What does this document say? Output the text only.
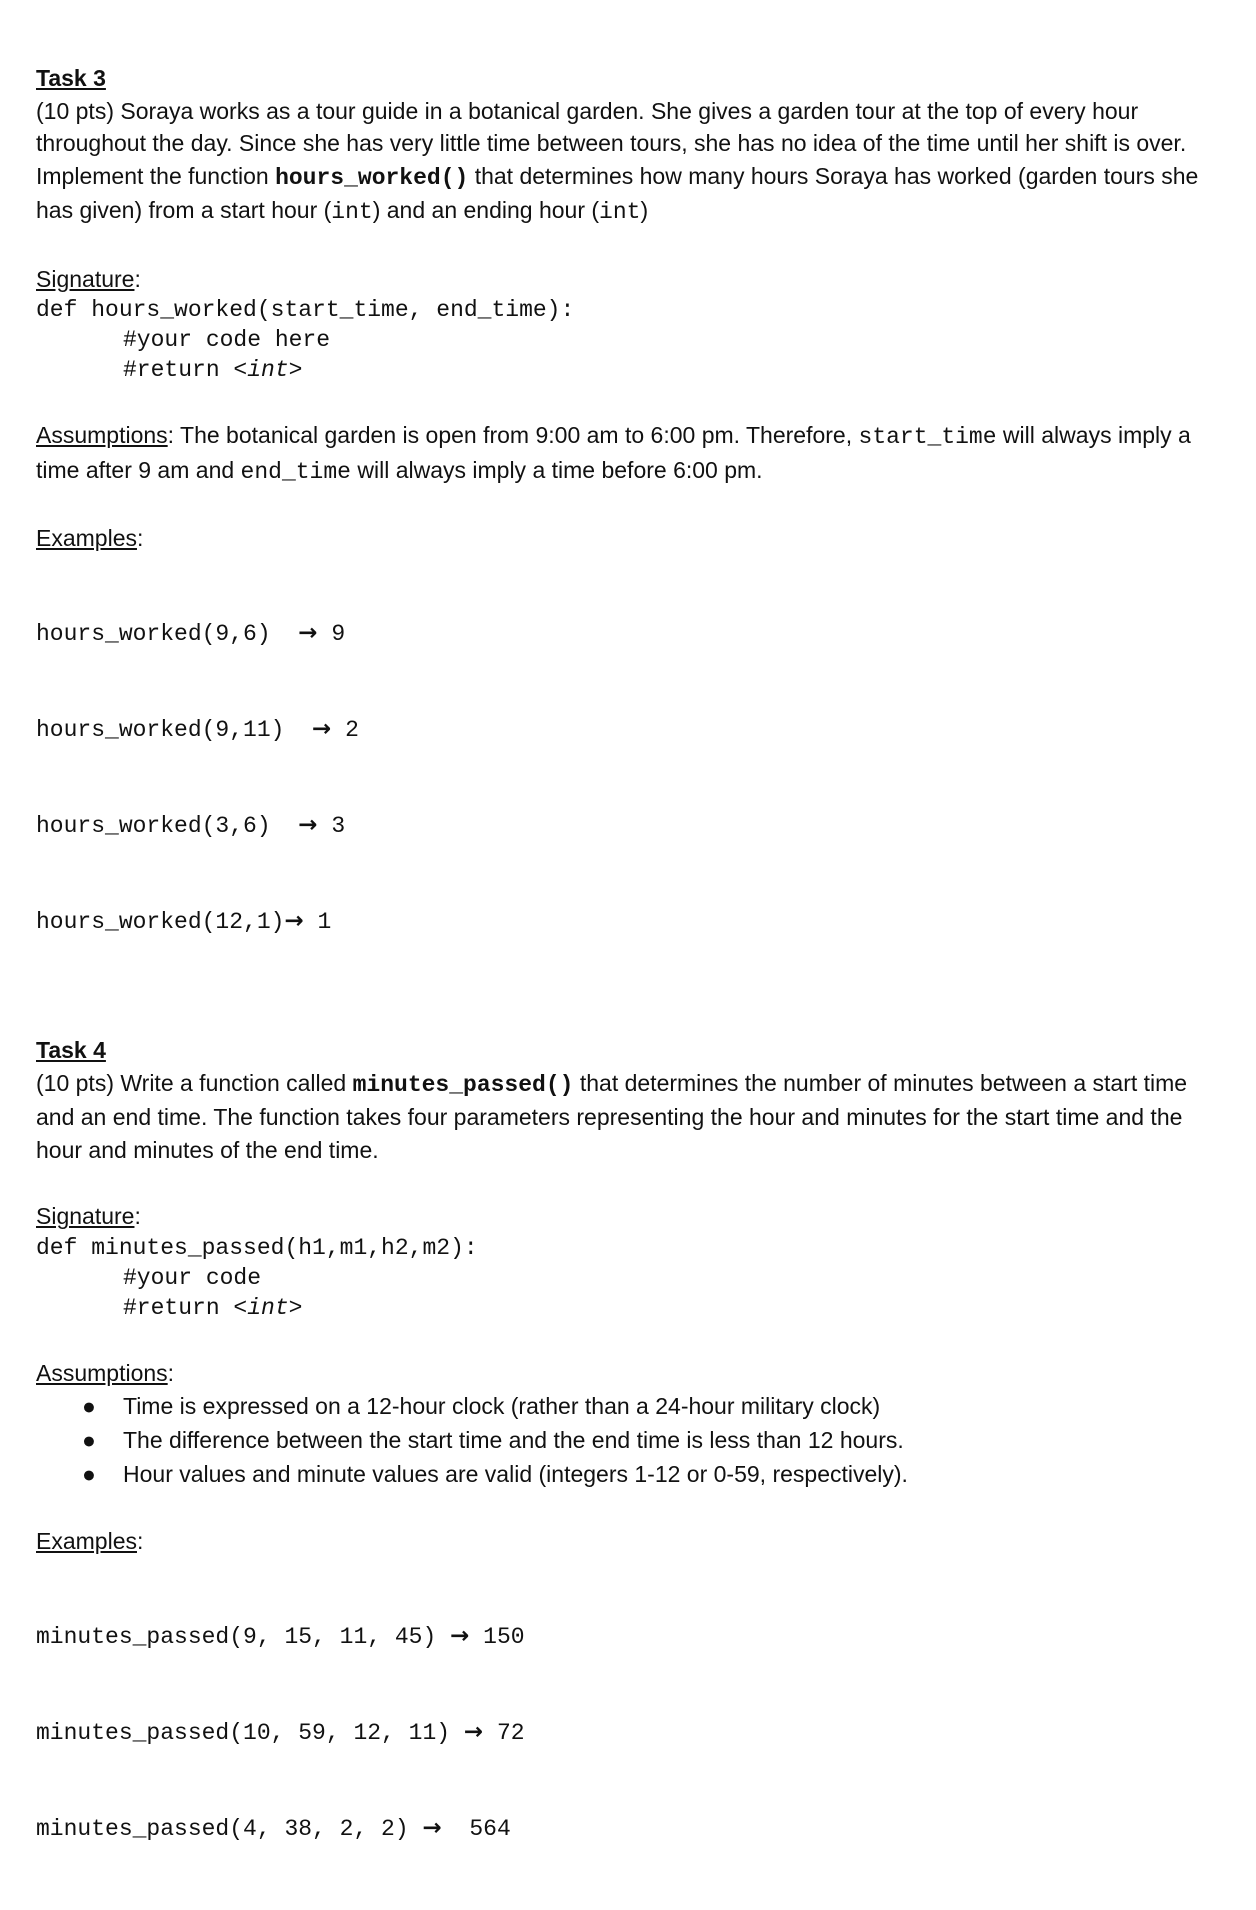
Task 3

(10 pts) Soraya works as a tour guide in a botanical garden. She gives a garden tour at the top of every hour throughout the day. Since she has very little time between tours, she has no idea of the time until her shift is over.

Implement the function hours_worked() that determines how many hours Soraya has worked (garden tours she has given) from a start hour (int) and an ending hour (int)

Signature:

def hours_worked(start_time, end_time):
#your code here
#return <int>

Assumptions: The botanical garden is open from 9:00 am to 6:00 pm. Therefore, start_time will always imply a time after 9 am and end_time will always imply a time before 6:00 pm.

Examples:

hours_worked(9,6)  → 9

hours_worked(9,11)  → 2

hours_worked(3,6)  → 3

hours_worked(12,1)→ 1

Task 4

(10 pts) Write a function called minutes_passed() that determines the number of minutes between a start time and an end time. The function takes four parameters representing the hour and minutes for the start time and the hour and minutes of the end time.

Signature:

def minutes_passed(h1,m1,h2,m2):
#your code
#return <int>

Assumptions:

● Time is expressed on a 12-hour clock (rather than a 24-hour military clock)
● The difference between the start time and the end time is less than 12 hours.
● Hour values and minute values are valid (integers 1-12 or 0-59, respectively).

Examples:

minutes_passed(9, 15, 11, 45) → 150

minutes_passed(10, 59, 12, 11) → 72

minutes_passed(4, 38, 2, 2) →  564
